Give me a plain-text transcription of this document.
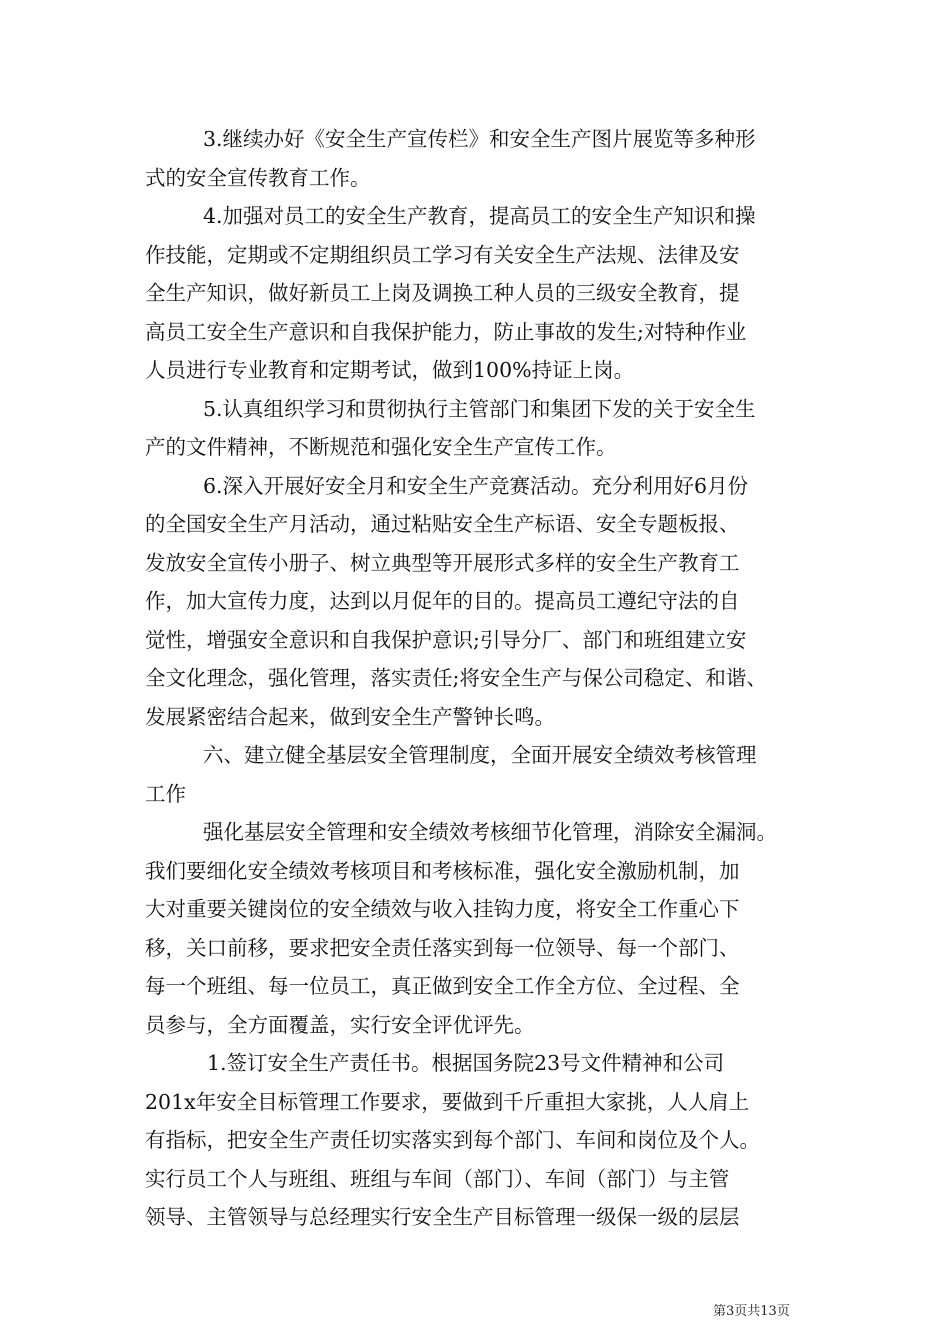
3.继续办好《安全生产宣传栏》和安全生产图片展览等多种形
式的安全宣传教育工作。
4.加强对员工的安全生产教育，提高员工的安全生产知识和操
作技能，定期或不定期组织员工学习有关安全生产法规、法律及安
全生产知识，做好新员工上岗及调换工种人员的三级安全教育，提
高员工安全生产意识和自我保护能力，防止事故的发生;对特种作业
人员进行专业教育和定期考试，做到100%持证上岗。
5.认真组织学习和贯彻执行主管部门和集团下发的关于安全生
产的文件精神，不断规范和强化安全生产宣传工作。
6.深入开展好安全月和安全生产竞赛活动。充分利用好6月份
的全国安全生产月活动，通过粘贴安全生产标语、安全专题板报、
发放安全宣传小册子、树立典型等开展形式多样的安全生产教育工
作，加大宣传力度，达到以月促年的目的。提高员工遵纪守法的自
觉性，增强安全意识和自我保护意识;引导分厂、部门和班组建立安
全文化理念，强化管理，落实责任;将安全生产与保公司稳定、和谐、
发展紧密结合起来，做到安全生产警钟长鸣。
六、建立健全基层安全管理制度，全面开展安全绩效考核管理
工作
强化基层安全管理和安全绩效考核细节化管理，消除安全漏洞。
我们要细化安全绩效考核项目和考核标准，强化安全激励机制，加
大对重要关键岗位的安全绩效与收入挂钩力度，将安全工作重心下
移，关口前移，要求把安全责任落实到每一位领导、每一个部门、
每一个班组、每一位员工，真正做到安全工作全方位、全过程、全
员参与，全方面覆盖，实行安全评优评先。
1.签订安全生产责任书。根据国务院23号文件精神和公司
201x年安全目标管理工作要求，要做到千斤重担大家挑，人人肩上
有指标，把安全生产责任切实落实到每个部门、车间和岗位及个人。
实行员工个人与班组、班组与车间（部门）、车间（部门）与主管
领导、主管领导与总经理实行安全生产目标管理一级保一级的层层
第3页共13页
